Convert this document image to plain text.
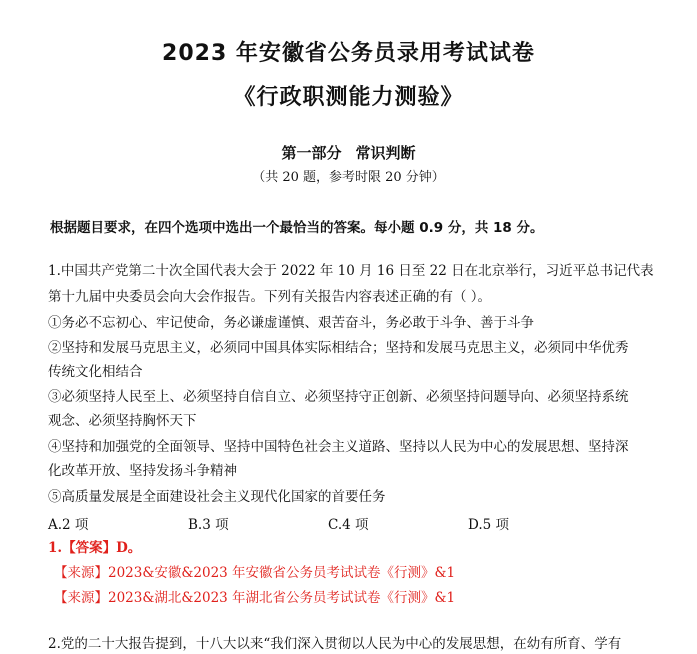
2023 年安徽省公务员录用考试试卷
《行政职测能力测验》
第一部分 常识判断
（共 20 题，参考时限 20 分钟）
根据题目要求，在四个选项中选出一个最恰当的答案。每小题 0.9 分，共 18 分。
1.中国共产党第二十次全国代表大会于 2022 年 10 月 16 日至 22 日在北京举行，习近平总书记代表
第十九届中央委员会向大会作报告。下列有关报告内容表述正确的有（ ）。
①务必不忘初心、牢记使命，务必谦虚谨慎、艰苦奋斗，务必敢于斗争、善于斗争
②坚持和发展马克思主义，必须同中国具体实际相结合；坚持和发展马克思主义，必须同中华优秀
传统文化相结合
③必须坚持人民至上、必须坚持自信自立、必须坚持守正创新、必须坚持问题导向、必须坚持系统
观念、必须坚持胸怀天下
④坚持和加强党的全面领导、坚持中国特色社会主义道路、坚持以人民为中心的发展思想、坚持深
化改革开放、坚持发扬斗争精神
⑤高质量发展是全面建设社会主义现代化国家的首要任务
A.2 项	B.3 项	C.4 项	D.5 项
1.【答案】D。
【来源】2023&安徽&2023 年安徽省公务员考试试卷《行测》&1
【来源】2023&湖北&2023 年湖北省公务员考试试卷《行测》&1
2.党的二十大报告提到，十八大以来“我们深入贯彻以人民为中心的发展思想，在幼有所育、学有
